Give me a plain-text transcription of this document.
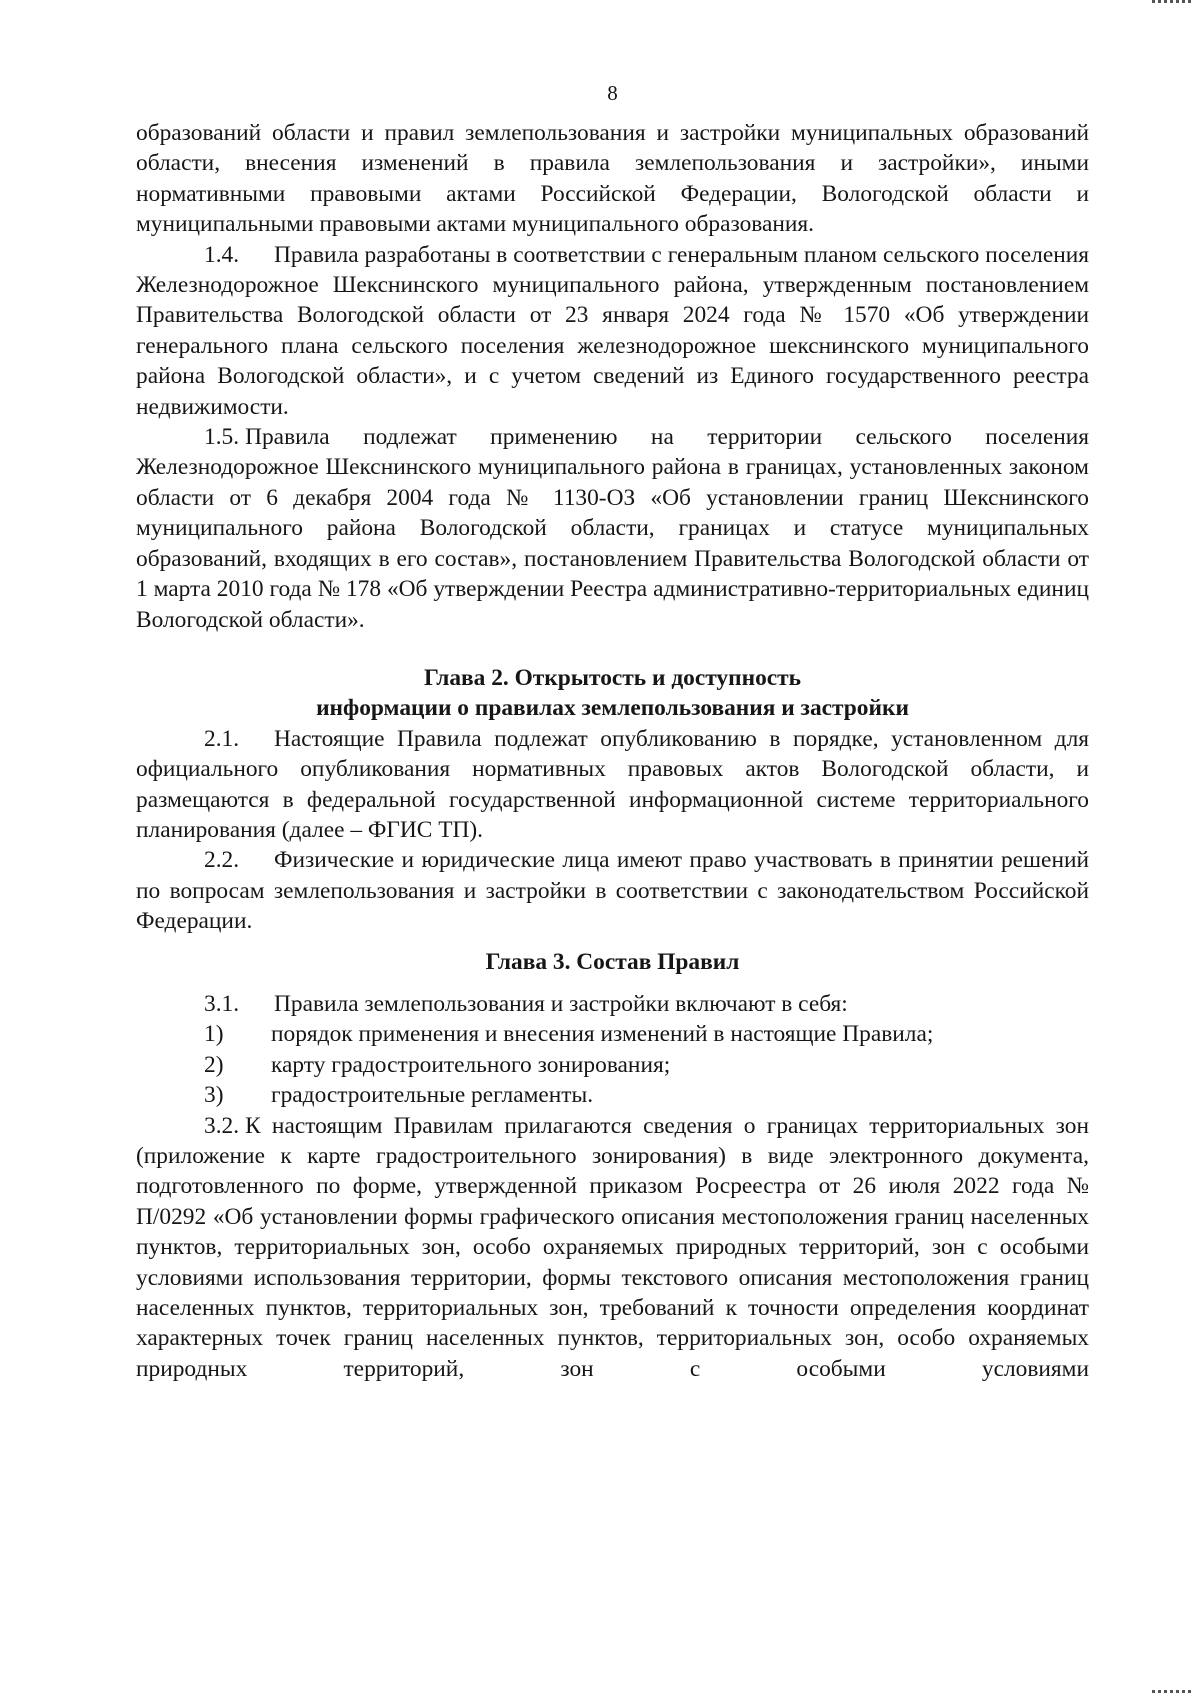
8

образований области и правил землепользования и застройки муниципальных образований области, внесения изменений в правила землепользования и застройки», иными нормативными правовыми актами Российской Федерации, Вологодской области и муниципальными правовыми актами муниципального образования.

1.4. Правила разработаны в соответствии с генеральным планом сельского поселения Железнодорожное Шекснинского муниципального района, утвержденным постановлением Правительства Вологодской области от 23 января 2024 года № 1570 «Об утверждении генерального плана сельского поселения железнодорожное шекснинского муниципального района Вологодской области», и с учетом сведений из Единого государственного реестра недвижимости.

1.5. Правила подлежат применению на территории сельского поселения Железнодорожное Шекснинского муниципального района в границах, установленных законом области от 6 декабря 2004 года № 1130-ОЗ «Об установлении границ Шекснинского муниципального района Вологодской области, границах и статусе муниципальных образований, входящих в его состав», постановлением Правительства Вологодской области от 1 марта 2010 года № 178 «Об утверждении Реестра административно-территориальных единиц Вологодской области».

Глава 2. Открытость и доступность
информации о правилах землепользования и застройки

2.1. Настоящие Правила подлежат опубликованию в порядке, установленном для официального опубликования нормативных правовых актов Вологодской области, и размещаются в федеральной государственной информационной системе территориального планирования (далее – ФГИС ТП).

2.2. Физические и юридические лица имеют право участвовать в принятии решений по вопросам землепользования и застройки в соответствии с законодательством Российской Федерации.

Глава 3. Состав Правил

3.1. Правила землепользования и застройки включают в себя:

1) порядок применения и внесения изменений в настоящие Правила;

2) карту градостроительного зонирования;

3) градостроительные регламенты.

3.2. К настоящим Правилам прилагаются сведения о границах территориальных зон (приложение к карте градостроительного зонирования) в виде электронного документа, подготовленного по форме, утвержденной приказом Росреестра от 26 июля 2022 года № П/0292 «Об установлении формы графического описания местоположения границ населенных пунктов, территориальных зон, особо охраняемых природных территорий, зон с особыми условиями использования территории, формы текстового описания местоположения границ населенных пунктов, территориальных зон, требований к точности определения координат характерных точек границ населенных пунктов, территориальных зон, особо охраняемых природных территорий, зон с особыми условиями
